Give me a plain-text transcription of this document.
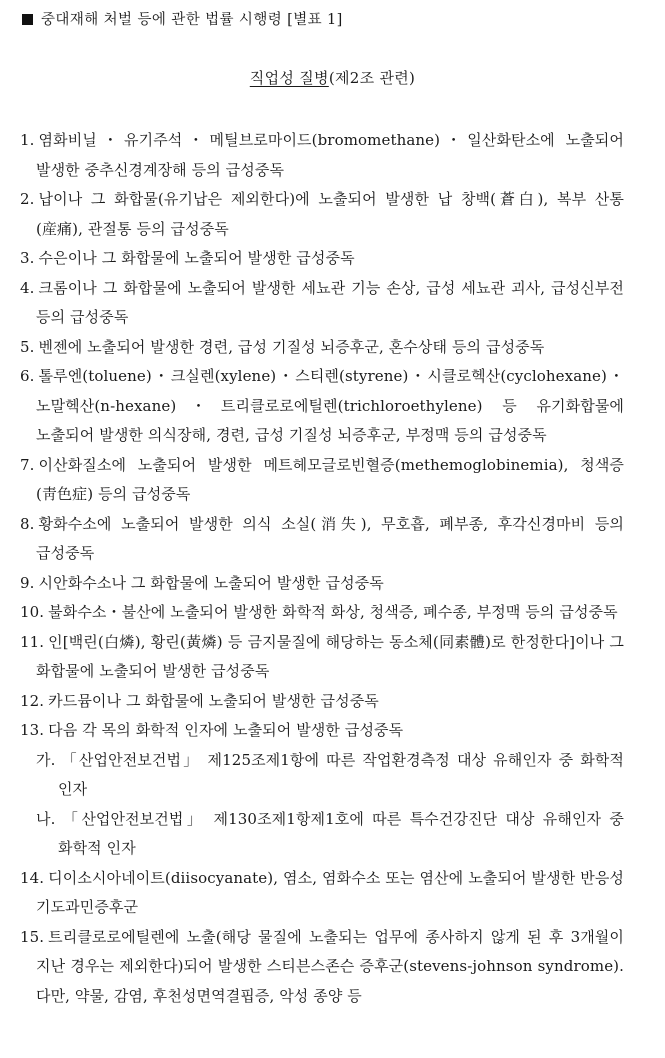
중대재해 처벌 등에 관한 법률 시행령 [별표 1]
직업성 질병(제2조 관련)

1. 염화비닐・유기주석・메틸브로마이드(bromomethane)・일산화탄소에 노출되어 발생한 중추신경계장해 등의 급성중독

2. 납이나 그 화합물(유기납은 제외한다)에 노출되어 발생한 납 창백(蒼白), 복부 산통(産痛), 관절통 등의 급성중독

3. 수은이나 그 화합물에 노출되어 발생한 급성중독

4. 크롬이나 그 화합물에 노출되어 발생한 세뇨관 기능 손상, 급성 세뇨관 괴사, 급성신부전 등의 급성중독

5. 벤젠에 노출되어 발생한 경련, 급성 기질성 뇌증후군, 혼수상태 등의 급성중독

6. 톨루엔(toluene)・크실렌(xylene)・스티렌(styrene)・시클로헥산(cyclohexane)・노말헥산(n-hexane)・트리클로로에틸렌(trichloroethylene) 등 유기화합물에 노출되어 발생한 의식장해, 경련, 급성 기질성 뇌증후군, 부정맥 등의 급성중독

7. 이산화질소에 노출되어 발생한 메트헤모글로빈혈증(methemoglobinemia), 청색증(靑色症) 등의 급성중독

8. 황화수소에 노출되어 발생한 의식 소실(消失), 무호흡, 폐부종, 후각신경마비 등의 급성중독

9. 시안화수소나 그 화합물에 노출되어 발생한 급성중독

10. 불화수소・불산에 노출되어 발생한 화학적 화상, 청색증, 폐수종, 부정맥 등의 급성중독

11. 인[백린(白燐), 황린(黃燐) 등 금지물질에 해당하는 동소체(同素體)로 한정한다]이나 그 화합물에 노출되어 발생한 급성중독

12. 카드뮴이나 그 화합물에 노출되어 발생한 급성중독

13. 다음 각 목의 화학적 인자에 노출되어 발생한 급성중독

가. 「산업안전보건법」 제125조제1항에 따른 작업환경측정 대상 유해인자 중 화학적 인자

나. 「산업안전보건법」 제130조제1항제1호에 따른 특수건강진단 대상 유해인자 중 화학적 인자

14. 디이소시아네이트(diisocyanate), 염소, 염화수소 또는 염산에 노출되어 발생한 반응성 기도과민증후군

15. 트리클로로에틸렌에 노출(해당 물질에 노출되는 업무에 종사하지 않게 된 후 3개월이 지난 경우는 제외한다)되어 발생한 스티븐스존슨 증후군(stevens-johnson syndrome). 다만, 약물, 감염, 후천성면역결핍증, 악성 종양 등
